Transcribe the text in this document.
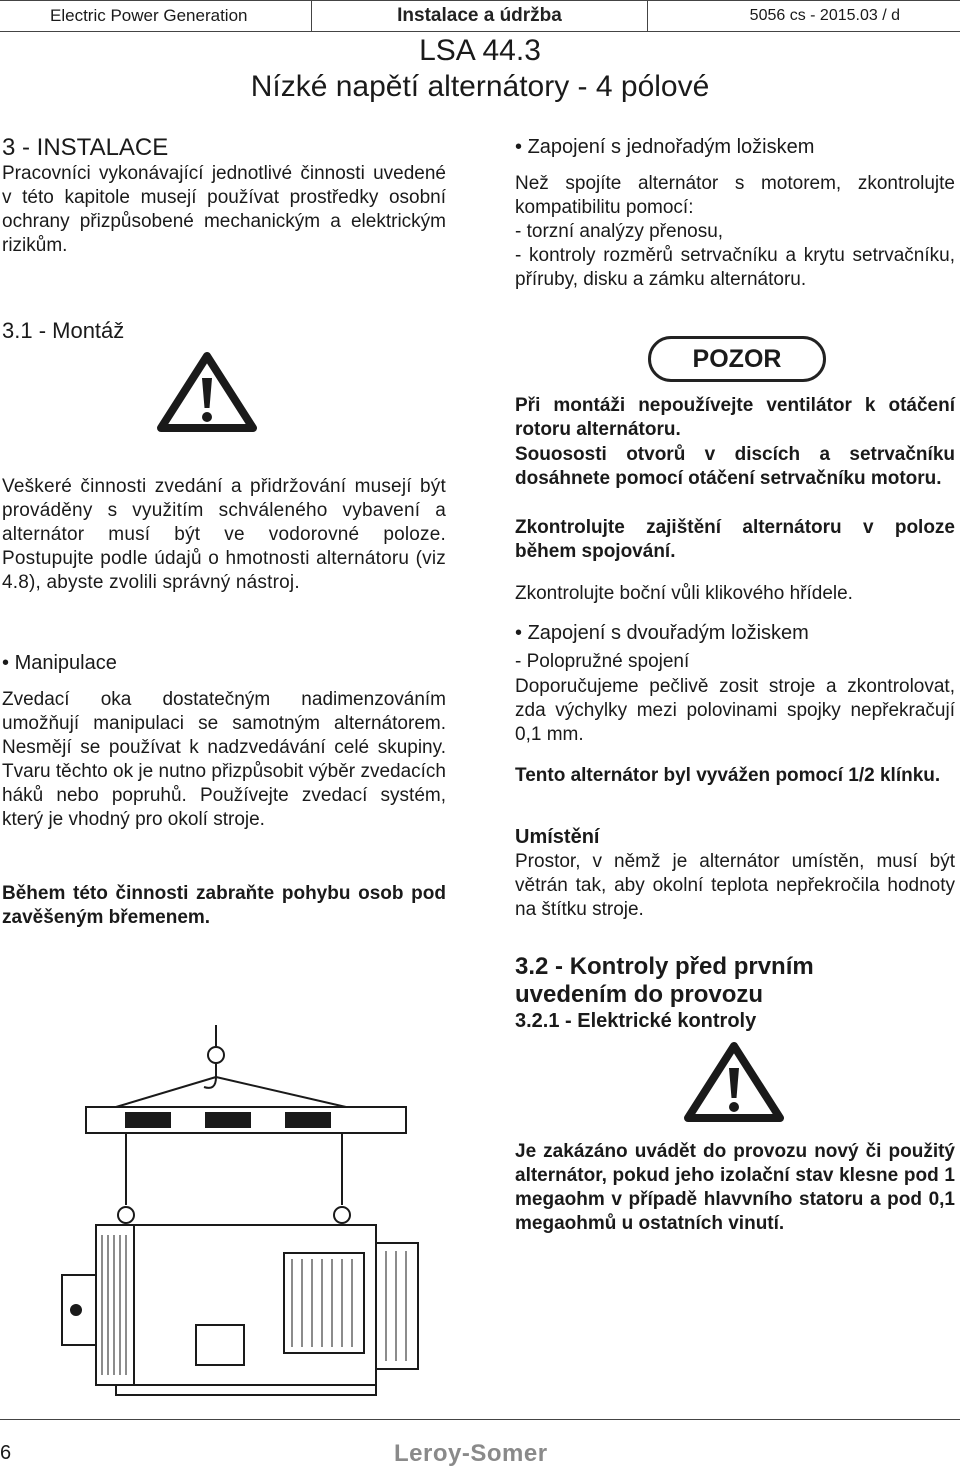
Electric Power Generation	Instalace a údržba	5056 cs - 2015.03 / d
LSA 44.3
Nízké napětí alternátory - 4 pólové
3 - INSTALACE

Pracovníci vykonávající jednotlivé činnosti uvedené v této kapitole musejí používat prostředky osobní ochrany přizpůsobené mechanickým a elektrickým rizikům.

3.1 - Montáž

Veškeré činnosti zvedání a přidržování musejí být prováděny s využitím schváleného vybavení a alternátor musí být ve vodorovné poloze. Postupujte podle údajů o hmotnosti alternátoru (viz 4.8), abyste zvolili správný nástroj.

• Manipulace

Zvedací oka dostatečným nadimenzováním umožňují manipulaci se samotným alternátorem. Nesmějí se používat k nadzvedávání celé skupiny. Tvaru těchto ok je nutno přizpůsobit výběr zvedacích háků nebo popruhů. Používejte zvedací systém, který je vhodný pro okolí stroje.

Během této činnosti zabraňte pohybu osob pod zavěšeným břemenem.

• Zapojení s jednořadým ložiskem

Než spojíte alternátor s motorem, zkontrolujte kompatibilitu pomocí:

- torzní analýzy přenosu,

- kontroly rozměrů setrvačníku a krytu setrvačníku, příruby, disku a zámku alternátoru.

POZOR

Při montáži nepoužívejte ventilátor k otáčení rotoru alternátoru.

Souososti otvorů v discích a setrvačníku dosáhnete pomocí otáčení setrvačníku motoru.

Zkontrolujte zajištění alternátoru v poloze během spojování.

Zkontrolujte boční vůli klikového hřídele.

• Zapojení s dvouřadým ložiskem

- Polopružné spojení

Doporučujeme pečlivě zosit stroje a zkontrolovat, zda výchylky mezi polovinami spojky nepřekračují 0,1 mm.

Tento alternátor byl vyvážen pomocí 1/2 klínku.

Umístění

Prostor, v němž je alternátor umístěn, musí být větrán tak, aby okolní teplota nepřekročila hodnoty na štítku stroje.

3.2 - Kontroly před prvním uvedením do provozu
3.2.1 - Elektrické kontroly

Je zakázáno uvádět do provozu nový či použitý alternátor, pokud jeho izolační stav klesne pod 1 megaohm v případě hlavvního statoru a pod 0,1 megaohmů u ostatních vinutí.

6	Leroy-Somer
